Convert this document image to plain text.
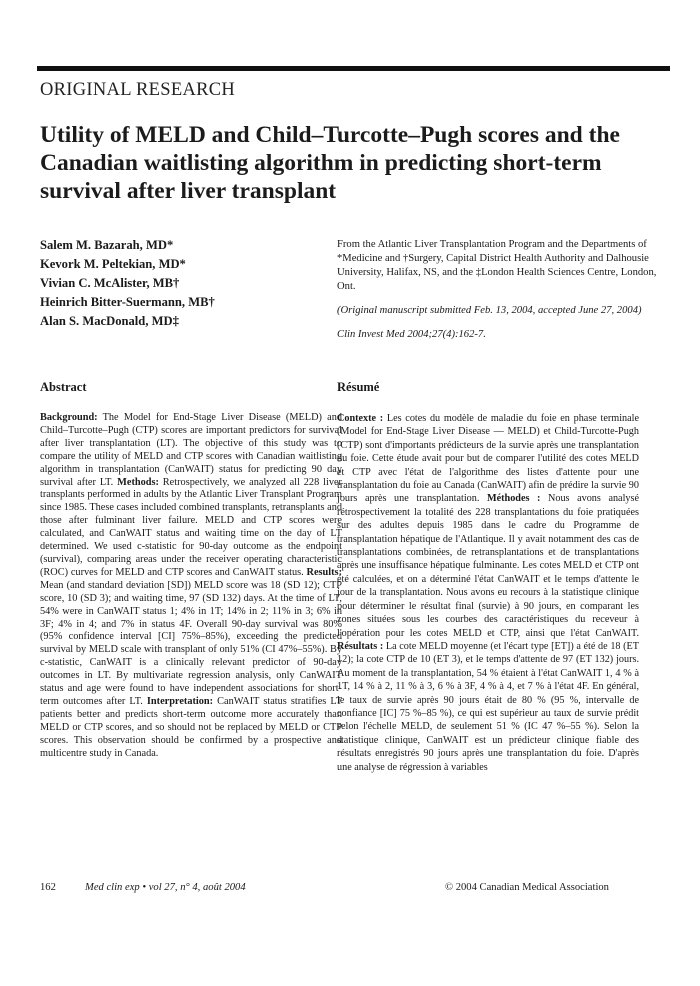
ORIGINAL RESEARCH
Utility of MELD and Child–Turcotte–Pugh scores and the Canadian waitlisting algorithm in predicting short-term survival after liver transplant
Salem M. Bazarah, MD*
Kevork M. Peltekian, MD*
Vivian C. McAlister, MB†
Heinrich Bitter-Suermann, MB†
Alan S. MacDonald, MD‡

From the Atlantic Liver Transplantation Program and the Departments of *Medicine and †Surgery, Capital District Health Authority and Dalhousie University, Halifax, NS, and the ‡London Health Sciences Centre, London, Ont.

(Original manuscript submitted Feb. 13, 2004, accepted June 27, 2004)

Clin Invest Med 2004;27(4):162-7.

Abstract

Background: The Model for End-Stage Liver Disease (MELD) and Child–Turcotte–Pugh (CTP) scores are important predictors for survival after liver transplantation (LT). The objective of this study was to compare the utility of MELD and CTP scores with Canadian waitlisting algorithm in transplantation (CanWAIT) status for predicting 90 day survival after LT. Methods: Retrospectively, we analyzed all 228 liver transplants performed in adults by the Atlantic Liver Transplant Program since 1985. These cases included combined transplants, retransplants and those after fulminant liver failure. MELD and CTP scores were calculated, and CanWAIT status and waiting time on the day of LT determined. We used c-statistic for 90-day outcome as the endpoint (survival), comparing areas under the receiver operating characteristic (ROC) curves for MELD and CTP scores and CanWAIT status. Results: Mean (and standard deviation [SD]) MELD score was 18 (SD 12); CTP score, 10 (SD 3); and waiting time, 97 (SD 132) days. At the time of LT, 54% were in CanWAIT status 1; 4% in 1T; 14% in 2; 11% in 3; 6% in 3F; 4% in 4; and 7% in status 4F. Overall 90-day survival was 80% (95% confidence interval [CI] 75%–85%), exceeding the predicted survival by MELD scale with transplant of only 51% (CI 47%–55%). By c-statistic, CanWAIT is a clinically relevant predictor of 90-day outcomes in LT. By multivariate regression analysis, only CanWAIT status and age were found to have independent associations for short-term outcomes after LT. Interpretation: CanWAIT status stratifies LT patients better and predicts short-term outcome more accurately than MELD or CTP scores, and so should not be replaced by MELD or CTP scores. This observation should be confirmed by a prospective and multicentre study in Canada.

Résumé

Contexte : Les cotes du modèle de maladie du foie en phase terminale (Model for End-Stage Liver Disease — MELD) et Child-Turcotte-Pugh (CTP) sont d'importants prédicteurs de la survie après une transplantation du foie. Cette étude avait pour but de comparer l'utilité des cotes MELD et CTP avec l'état de l'algorithme des listes d'attente pour une transplantation du foie au Canada (CanWAIT) afin de prédire la survie 90 jours après une transplantation. Méthodes : Nous avons analysé rétrospectivement la totalité des 228 transplantations du foie pratiquées sur des adultes depuis 1985 dans le cadre du Programme de transplantation hépatique de l'Atlantique. Il y avait notamment des cas de transplantations combinées, de retransplantations et de transplantations après une insuffisance hépatique fulminante. Les cotes MELD et CTP ont été calculées, et on a déterminé l'état CanWAIT et le temps d'attente le jour de la transplantation. Nous avons eu recours à la statistique clinique pour déterminer le résultat final (survie) à 90 jours, en comparant les zones situées sous les courbes des caractéristiques du receveur à l'opération pour les cotes MELD et CTP, ainsi que l'état CanWAIT. Résultats : La cote MELD moyenne (et l'écart type [ET]) a été de 18 (ET 12); la cote CTP de 10 (ET 3), et le temps d'attente de 97 (ET 132) jours. Au moment de la transplantation, 54 % étaient à l'état CanWAIT 1, 4 % à 1T, 14 % à 2, 11 % à 3, 6 % à 3F, 4 % à 4, et 7 % à l'état 4F. En général, le taux de survie après 90 jours était de 80 % (95 %, intervalle de confiance [IC] 75 %–85 %), ce qui est supérieur au taux de survie prédit selon l'échelle MELD, de seulement 51 % (IC 47 %–55 %). Selon la statistique clinique, CanWAIT est un prédicteur clinique fiable des résultats enregistrés 90 jours après une transplantation du foie. D'après une analyse de régression à variables

162	Med clin exp • vol 27, n° 4, août 2004	© 2004 Canadian Medical Association
